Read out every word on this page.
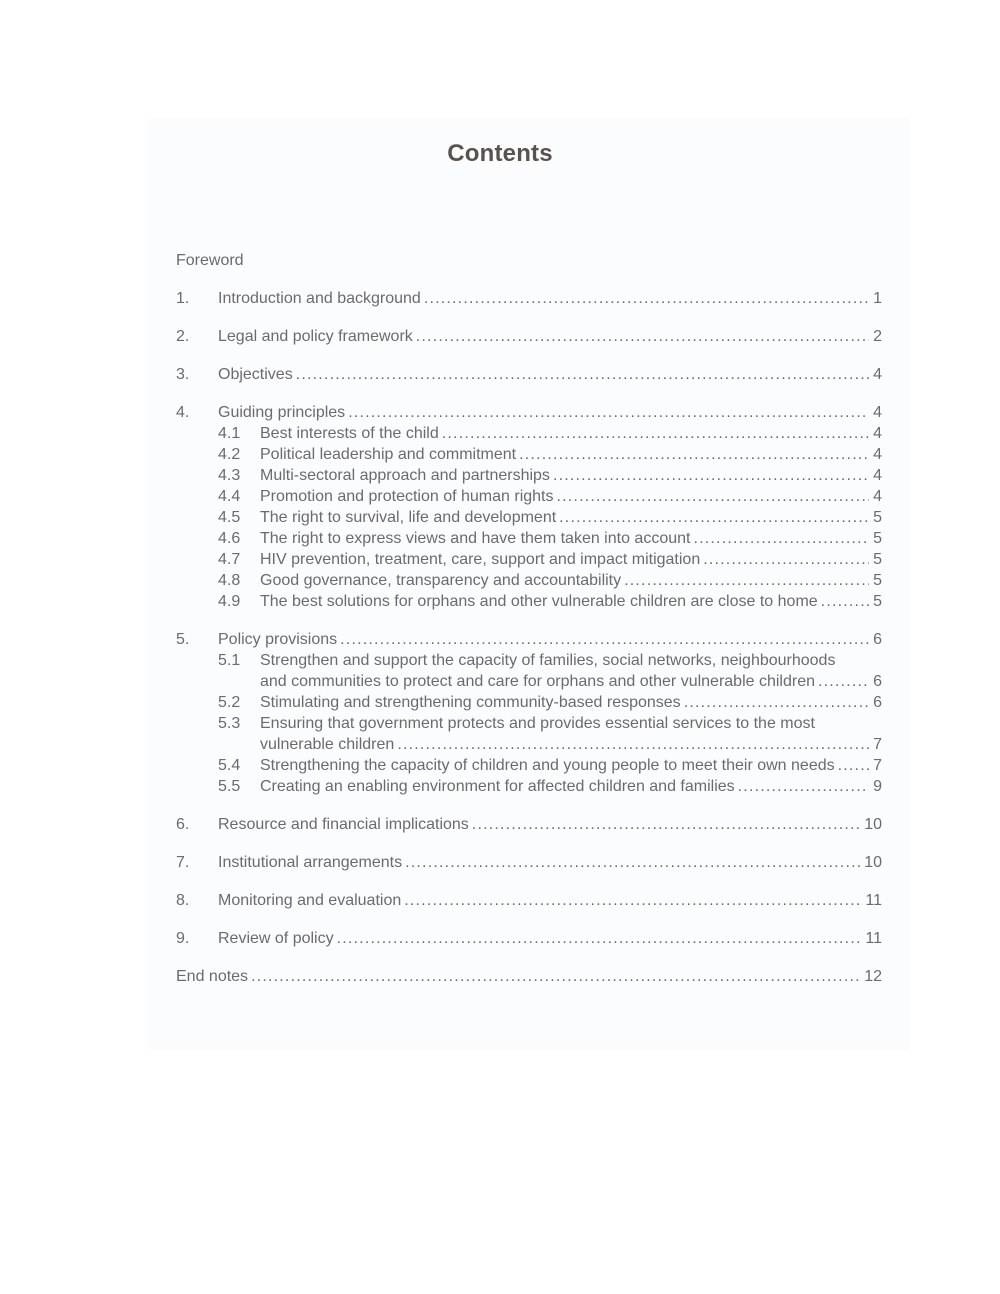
Contents
Foreword
1.	Introduction and background .....	1
2.	Legal and policy framework .....	2
3.	Objectives .....	4
4.	Guiding principles .....	4
4.1	Best interests of the child .....	4
4.2	Political leadership and commitment .....	4
4.3	Multi-sectoral approach and partnerships .....	4
4.4	Promotion and protection of human rights .....	4
4.5	The right to survival, life and development .....	5
4.6	The right to express views and have them taken into account .....	5
4.7	HIV prevention, treatment, care, support and impact mitigation .....	5
4.8	Good governance, transparency and accountability .....	5
4.9	The best solutions for orphans and other vulnerable children are close to home .....	5
5.	Policy provisions .....	6
5.1	Strengthen and support the capacity of families, social networks, neighbourhoods
and communities to protect and care for orphans and other vulnerable children .....	6
5.2	Stimulating and strengthening community-based responses .....	6
5.3	Ensuring that government protects and provides essential services to the most
vulnerable children .....	7
5.4	Strengthening the capacity of children and young people to meet their own needs ..... 7
5.5	Creating an enabling environment for affected children and families .....	9
6.	Resource and financial implications .....	10
7.	Institutional arrangements .....	10
8.	Monitoring and evaluation .....	11
9.	Review of policy .....	11
End notes .....	12
